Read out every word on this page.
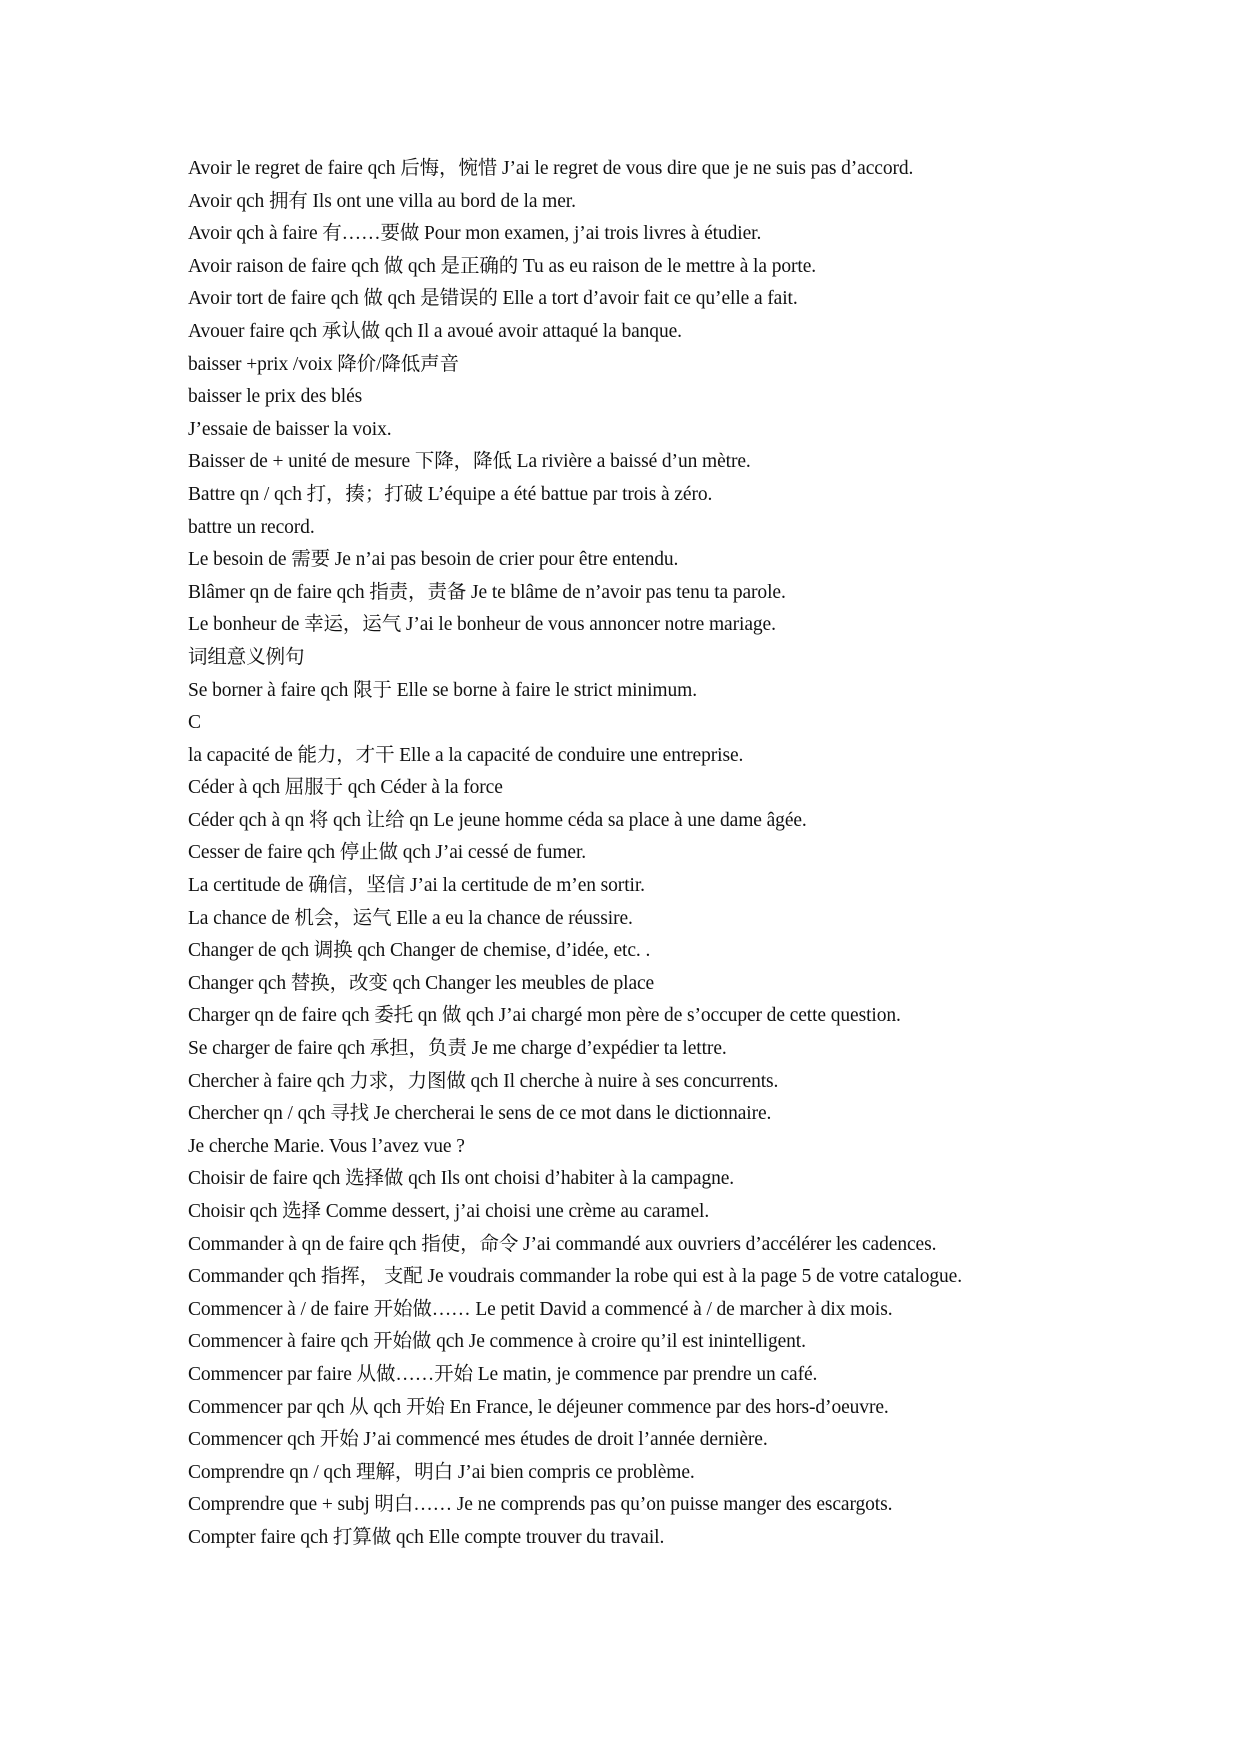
Avoir le regret de faire qch 后悔，惋惜 J’ai le regret de vous dire que je ne suis pas d’accord.
Avoir qch 拥有 Ils ont une villa au bord de la mer.
Avoir qch à faire 有……要做 Pour mon examen, j’ai trois livres à étudier.
Avoir raison de faire qch 做 qch 是正确的 Tu as eu raison de le mettre à la porte.
Avoir tort de faire qch 做 qch 是错误的 Elle a tort d’avoir fait ce qu’elle a fait.
Avouer faire qch 承认做 qch Il a avoué avoir attaqué la banque.
baisser +prix /voix 降价/降低声音
baisser le prix des blés
J’essaie de baisser la voix.
Baisser de + unité de mesure 下降，降低 La rivière a baissé d’un mètre.
Battre qn / qch 打，揍；打破 L’équipe a été battue par trois à zéro.
battre un record.
Le besoin de 需要 Je n’ai pas besoin de crier pour être entendu.
Blâmer qn de faire qch 指责，责备 Je te blâme de n’avoir pas tenu ta parole.
Le bonheur de 幸运，运气 J’ai le bonheur de vous annoncer notre mariage.
词组意义例句
Se borner à faire qch 限于 Elle se borne à faire le strict minimum.
C
la capacité de 能力，才干 Elle a la capacité de conduire une entreprise.
Céder à qch 屈服于 qch Céder à la force
Céder qch à qn 将 qch 让给 qn Le jeune homme céda sa place à une dame âgée.
Cesser de faire qch 停止做 qch J’ai cessé de fumer.
La certitude de 确信，坚信 J’ai la certitude de m’en sortir.
La chance de 机会，运气 Elle a eu la chance de réussire.
Changer de qch 调换 qch Changer de chemise, d’idée, etc. .
Changer qch 替换，改变 qch Changer les meubles de place
Charger qn de faire qch 委托 qn 做 qch J’ai chargé mon père de s’occuper de cette question.
Se charger de faire qch 承担，负责 Je me charge d’expédier ta lettre.
Chercher à faire qch 力求，力图做 qch Il cherche à nuire à ses concurrents.
Chercher qn / qch 寻找 Je chercherai le sens de ce mot dans le dictionnaire.
Je cherche Marie. Vous l’avez vue ?
Choisir de faire qch 选择做 qch Ils ont choisi d’habiter à la campagne.
Choisir qch 选择 Comme dessert, j’ai choisi une crème au caramel.
Commander à qn de faire qch 指使，命令 J’ai commandé aux ouvriers d’accélérer les cadences.
Commander qch 指挥， 支配 Je voudrais commander la robe qui est à la page 5 de votre catalogue.
Commencer à / de faire 开始做…… Le petit David a commencé à / de marcher à dix mois.
Commencer à faire qch 开始做 qch Je commence à croire qu’il est inintelligent.
Commencer par faire 从做……开始 Le matin, je commence par prendre un café.
Commencer par qch 从 qch 开始 En France, le déjeuner commence par des hors-d’oeuvre.
Commencer qch 开始 J’ai commencé mes études de droit l’année dernière.
Comprendre qn / qch 理解，明白 J’ai bien compris ce problème.
Comprendre que + subj 明白…… Je ne comprends pas qu’on puisse manger des escargots.
Compter faire qch 打算做 qch Elle compte trouver du travail.
